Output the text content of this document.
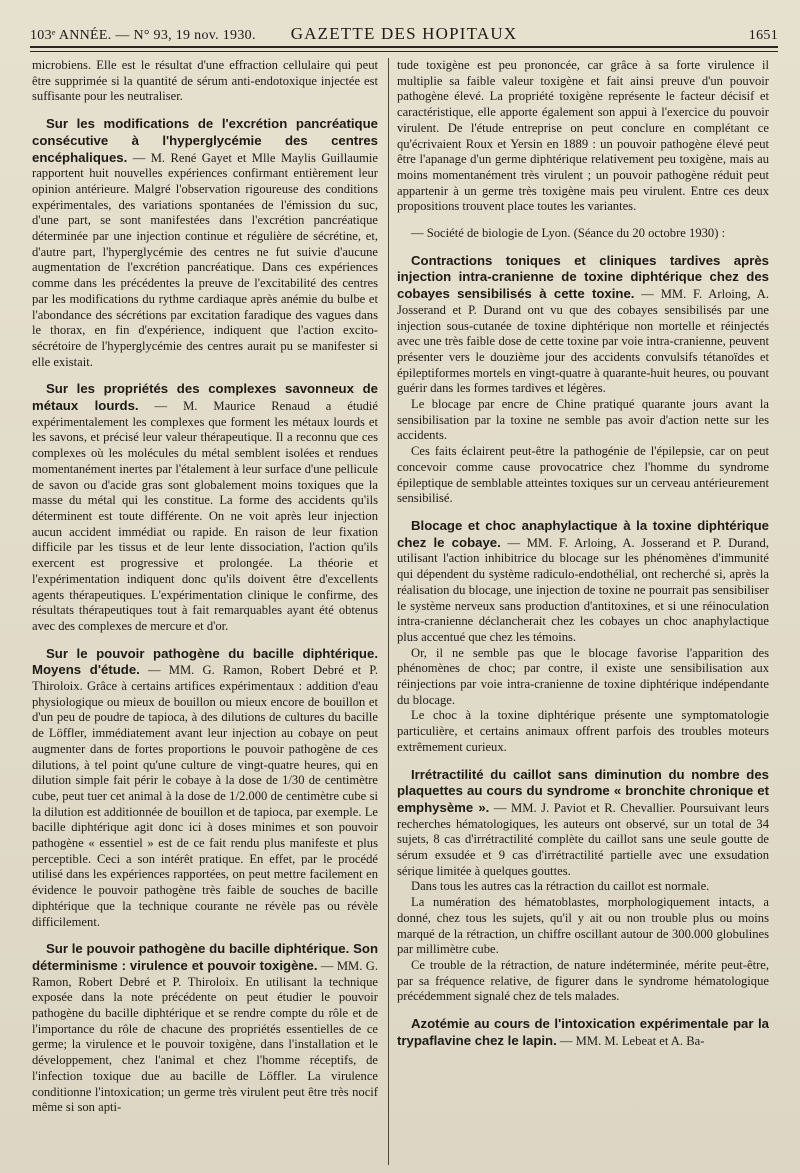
103ᵉ ANNÉE. — N° 93, 19 nov. 1930. GAZETTE DES HOPITAUX	1651

microbiens. Elle est le résultat d'une effraction cellulaire qui peut être supprimée si la quantité de sérum anti-endotoxique injectée est suffisante pour les neutraliser.

Sur les modifications de l'excrétion pancréatique consécutive à l'hyperglycémie des centres encéphaliques. — M. René Gayet et Mlle Maylis Guillaumie rapportent huit nouvelles expériences confirmant entièrement leur opinion antérieure. Malgré l'observation rigoureuse des conditions expérimentales, des variations spontanées de l'émission du suc, d'une part, se sont manifestées dans l'excrétion pancréatique déterminée par une injection continue et régulière de sécrétine, et, d'autre part, l'hyperglycémie des centres ne fut suivie d'aucune augmentation de l'excrétion pancréatique. Dans ces expériences comme dans les précédentes la preuve de l'excitabilité des centres par les modifications du rythme cardiaque après anémie du bulbe et l'abondance des sécrétions par excitation faradique des vagues dans le thorax, en fin d'expérience, indiquent que l'action excito-sécrétoire de l'hyperglycémie des centres aurait pu se manifester si elle existait.

Sur les propriétés des complexes savonneux de métaux lourds. — M. Maurice Renaud a étudié expérimentalement les complexes que forment les métaux lourds et les savons, et précisé leur valeur thérapeutique. Il a reconnu que ces complexes où les molécules du métal semblent isolées et rendues momentanément inertes par l'étalement à leur surface d'une pellicule de savon ou d'acide gras sont globalement moins toxiques que la masse du métal qui les constitue. La forme des accidents qu'ils déterminent est toute différente. On ne voit après leur injection aucun accident immédiat ou rapide. En raison de leur fixation difficile par les tissus et de leur lente dissociation, l'action qu'ils exercent est progressive et prolongée. La théorie et l'expérimentation indiquent donc qu'ils doivent être d'excellents agents thérapeutiques. L'expérimentation clinique le confirme, des résultats thérapeutiques tout à fait remarquables ayant été obtenus avec des complexes de mercure et d'or.

Sur le pouvoir pathogène du bacille diphtérique. Moyens d'étude. — MM. G. Ramon, Robert Debré et P. Thiroloix. Grâce à certains artifices expérimentaux : addition d'eau physiologique ou mieux de bouillon ou mieux encore de bouillon et d'un peu de poudre de tapioca, à des dilutions de cultures du bacille de Löffler, immédiatement avant leur injection au cobaye on peut augmenter dans de fortes proportions le pouvoir pathogène de ces dilutions, à tel point qu'une culture de vingt-quatre heures, qui en dilution simple fait périr le cobaye à la dose de 1/30 de centimètre cube, peut tuer cet animal à la dose de 1/2.000 de centimètre cube si la dilution est additionnée de bouillon et de tapioca, par exemple. Le bacille diphtérique agit donc ici à doses minimes et son pouvoir pathogène « essentiel » est de ce fait rendu plus manifeste et plus perceptible. Ceci a son intérêt pratique. En effet, par le procédé utilisé dans les expériences rapportées, on peut mettre facilement en évidence le pouvoir pathogène très faible de souches de bacille diphtérique que la technique courante ne révèle pas ou révèle difficilement.

Sur le pouvoir pathogène du bacille diphtérique. Son déterminisme : virulence et pouvoir toxigène. — MM. G. Ramon, Robert Debré et P. Thiroloix. En utilisant la technique exposée dans la note précédente on peut étudier le pouvoir pathogène du bacille diphtérique et se rendre compte du rôle et de l'importance du rôle de chacune des propriétés essentielles de ce germe; la virulence et le pouvoir toxigène, dans l'installation et le développement, chez l'animal et chez l'homme réceptifs, de l'infection toxique due au bacille de Löffler. La virulence conditionne l'intoxication; un germe très virulent peut être très nocif même si son apti-

tude toxigène est peu prononcée, car grâce à sa forte virulence il multiplie sa faible valeur toxigène et fait ainsi preuve d'un pouvoir pathogène élevé. La propriété toxigène représente le facteur décisif et caractéristique, elle apporte également son appui à l'exercice du pouvoir virulent. De l'étude entreprise on peut conclure en complétant ce qu'écrivaient Roux et Yersin en 1889 : un pouvoir pathogène élevé peut être l'apanage d'un germe diphtérique relativement peu toxigène, mais au moins momentanément très virulent ; un pouvoir pathogène réduit peut appartenir à un germe très toxigène mais peu virulent. Entre ces deux propositions trouvent place toutes les variantes.

— Société de biologie de Lyon. (Séance du 20 octobre 1930) :

Contractions toniques et cliniques tardives après injection intra-cranienne de toxine diphtérique chez des cobayes sensibilisés à cette toxine. — MM. F. Arloing, A. Josserand et P. Durand ont vu que des cobayes sensibilisés par une injection sous-cutanée de toxine diphtérique non mortelle et réinjectés avec une très faible dose de cette toxine par voie intra-cranienne, peuvent présenter vers le douzième jour des accidents convulsifs tétanoïdes et épileptiformes mortels en vingt-quatre à quarante-huit heures, ou pouvant guérir dans les formes tardives et légères.

Le blocage par encre de Chine pratiqué quarante jours avant la sensibilisation par la toxine ne semble pas avoir d'action nette sur les accidents.

Ces faits éclairent peut-être la pathogénie de l'épilepsie, car on peut concevoir comme cause provocatrice chez l'homme du syndrome épileptique de semblable atteintes toxiques sur un cerveau antérieurement sensibilisé.

Blocage et choc anaphylactique à la toxine diphtérique chez le cobaye. — MM. F. Arloing, A. Josserand et P. Durand, utilisant l'action inhibitrice du blocage sur les phénomènes d'immunité qui dépendent du système radiculo-endothélial, ont recherché si, après la réalisation du blocage, une injection de toxine ne pourrait pas sensibiliser le système nerveux sans production d'antitoxines, et si une réinoculation intra-cranienne déclancherait chez les cobayes un choc anaphylactique plus accentué que chez les témoins.

Or, il ne semble pas que le blocage favorise l'apparition des phénomènes de choc; par contre, il existe une sensibilisation aux réinjections par voie intra-cranienne de toxine diphtérique indépendante du blocage.

Le choc à la toxine diphtérique présente une symptomatologie particulière, et certains animaux offrent parfois des troubles moteurs extrêmement curieux.

Irrétractilité du caillot sans diminution du nombre des plaquettes au cours du syndrome « bronchite chronique et emphysème ». — MM. J. Paviot et R. Chevallier. Poursuivant leurs recherches hématologiques, les auteurs ont observé, sur un total de 34 sujets, 8 cas d'irrétractilité complète du caillot sans une seule goutte de sérum exsudée et 9 cas d'irrétractilité partielle avec une exsudation sérique limitée à quelques gouttes.

Dans tous les autres cas la rétraction du caillot est normale.

La numération des hématoblastes, morphologiquement intacts, a donné, chez tous les sujets, qu'il y ait ou non trouble plus ou moins marqué de la rétraction, un chiffre oscillant autour de 300.000 globulines par millimètre cube.

Ce trouble de la rétraction, de nature indéterminée, mérite peut-être, par sa fréquence relative, de figurer dans le syndrome hématologique précédemment signalé chez de tels malades.

Azotémie au cours de l'intoxication expérimentale par la trypaflavine chez le lapin. — MM. M. Lebeat et A. Ba-
